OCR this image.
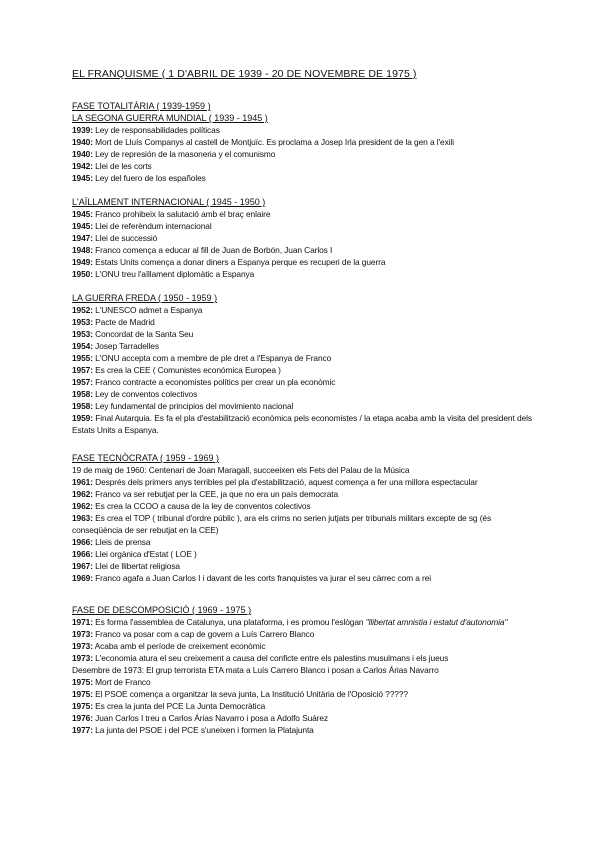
EL FRANQUISME ( 1 D'ABRIL DE 1939 - 20 DE NOVEMBRE DE 1975 )
FASE TOTALITÀRIA ( 1939-1959 )
LA SEGONA GUERRA MUNDIAL ( 1939 - 1945 )
1939: Ley de responsabilidades políticas
1940: Mort de Lluís Companys al castell de Montjuïc. Es proclama a Josep Irla president de la gen a l'exili
1940: Ley de represión de la masoneria y el comunismo
1942: Llei de les corts
1945: Ley del fuero de los españoles
L'AÏLLAMENT INTERNACIONAL ( 1945 - 1950 )
1945: Franco prohibeix la salutació amb el braç enlaire
1945: Llei de referèndum internacional
1947: Llei de successió
1948: Franco comença a educar al fill de Juan de Borbón, Juan Carlos I
1949: Estats Units comença a donar diners a Espanya perque es recuperi de la guerra
1950: L'ONU treu l'aïllament diplomàtic a Espanya
LA GUERRA FREDA ( 1950 - 1959 )
1952: L'UNESCO admet a Espanya
1953: Pacte de Madrid
1953: Concordat de la Santa Seu
1954: Josep Tarradelles
1955: L'ONU accepta com a membre de ple dret a l'Espanya de Franco
1957: Es crea la CEE ( Comunistes económica Europea )
1957: Franco contracte a economistes polítics per crear un pla econòmic
1958: Ley de conventos colectivos
1958: Ley fundamental de principios del movimiento nacional
1959: Final Autarquia. Es fa el pla d'estabilització econòmica pels economistes / la etapa acaba amb la visita del president dels Estats Units a Espanya.
FASE TECNÒCRATA ( 1959 - 1969 )
19 de maig de 1960: Centenari de Joan Maragall, succeeixen els Fets del Palau de la Música
1961: Després dels primers anys terribles pel pla d'estabilització, aquest comença a fer una millora espectacular
1962: Franco va ser rebutjat per la CEE, ja que no era un país democrata
1962: Es crea la CCOO a causa de la ley de conventos colectivos
1963: Es crea el TOP ( tribunal d'ordre públic ), ara els crims no serien jutjats per tribunals militars excepte de sg (és conseqüència de ser rebutjat en la CEE)
1966: Lleis de prensa
1966: Llei orgànica d'Estat ( LOE )
1967: Llei de llibertat religiosa
1969: Franco agafa a Juan Carlos I i davant de les corts franquistes va jurar el seu càrrec com a rei
FASE DE DESCOMPOSICIÓ ( 1969 - 1975 )
1971: Es forma l'assemblea de Catalunya, una plataforma, i es promou l'eslògan "llibertat amnistia i estatut d'autonomia"
1973: Franco va posar com a cap de govern a Luís Carrero Blanco
1973: Acaba amb el període de creixement econòmic
1973: L'economia atura el seu creixement a causa del conficte entre els palestins musulmans i els jueus
Desembre de 1973: El grup terrorista ETA mata a Luís Carrero Blanco i posan a Carlos Árias Navarro
1975: Mort de Franco
1975: El PSOE comença a organitzar la seva junta, La Institució Unitària de l'Oposició ?????
1975: Es crea la junta del PCE La Junta Democràtica
1976: Juan Carlos I treu a Carlos Árias Navarro i posa a Adolfo Suárez
1977: La junta del PSOE i del PCE s'uneixen i formen la Platajunta
